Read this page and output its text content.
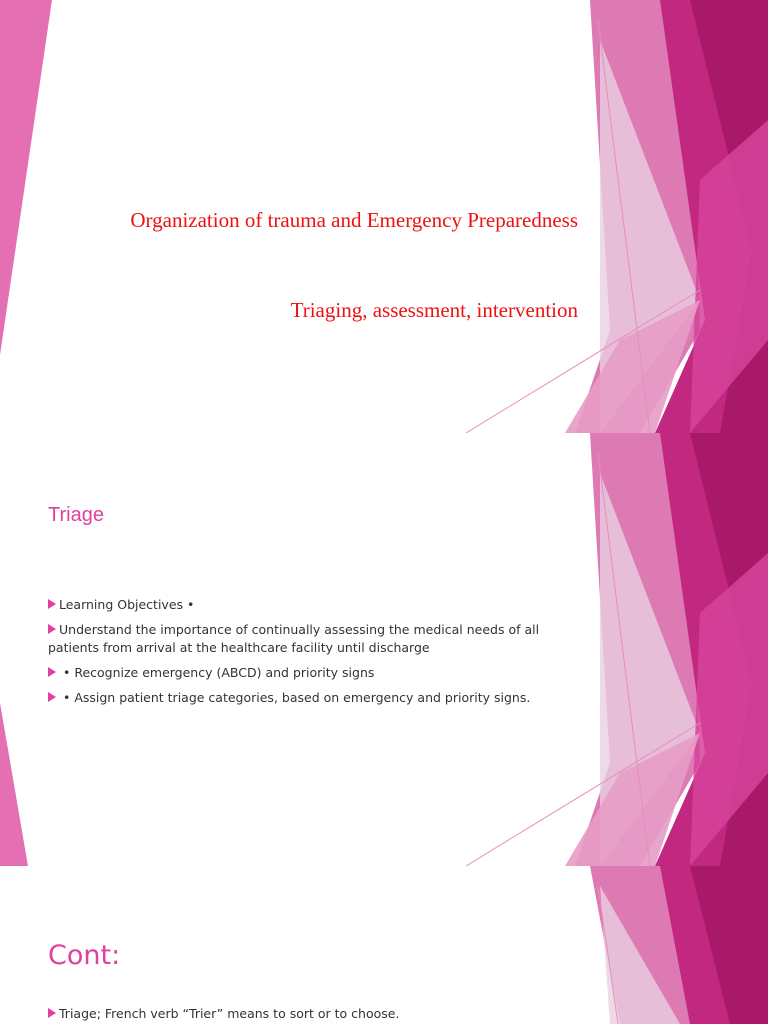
Organization of trauma and Emergency Preparedness
Triaging, assessment, intervention
Triage
Learning Objectives •
Understand the importance of continually assessing the medical needs of all patients from arrival at the healthcare facility until discharge
• Recognize emergency (ABCD) and priority signs
• Assign patient triage categories, based on emergency and priority signs.
Cont:
Triage; French verb “Trier” means to sort or to choose.
